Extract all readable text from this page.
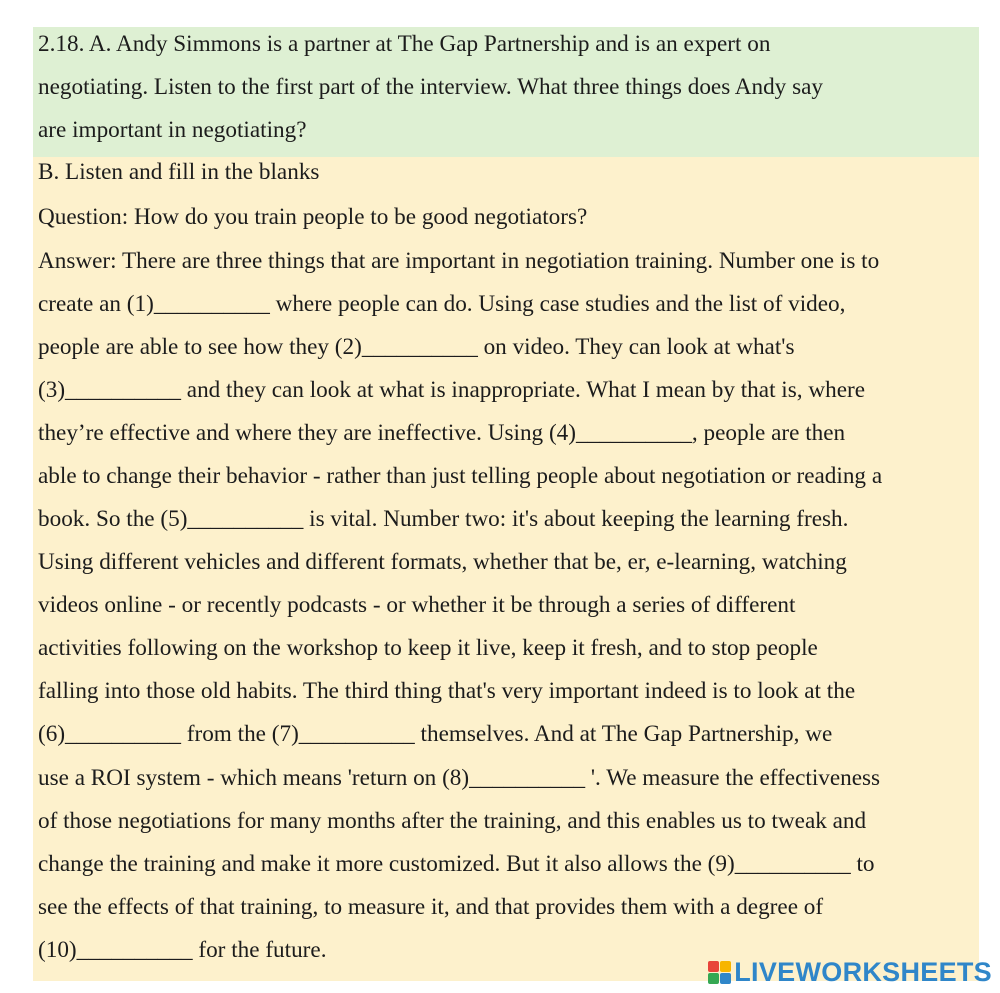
2.18. A. Andy Simmons is a partner at The Gap Partnership and is an expert on
negotiating. Listen to the first part of the interview. What three things does Andy say
are important in negotiating?
B. Listen and fill in the blanks
Question: How do you train people to be good negotiators?
Answer: There are three things that are important in negotiation training. Number one is to
create an (1)__________ where people can do. Using case studies and the list of video,
people are able to see how they (2)__________ on video. They can look at what's
(3)__________ and they can look at what is inappropriate. What I mean by that is, where
they’re effective and where they are ineffective. Using (4)__________, people are then
able to change their behavior - rather than just telling people about negotiation or reading a
book. So the (5)__________ is vital. Number two: it's about keeping the learning fresh.
Using different vehicles and different formats, whether that be, er, e-learning, watching
videos online - or recently podcasts - or whether it be through a series of different
activities following on the workshop to keep it live, keep it fresh, and to stop people
falling into those old habits. The third thing that's very important indeed is to look at the
(6)__________ from the (7)__________ themselves. And at The Gap Partnership, we
use a ROI system - which means 'return on (8)__________ '. We measure the effectiveness
of those negotiations for many months after the training, and this enables us to tweak and
change the training and make it more customized. But it also allows the (9)__________ to
see the effects of that training, to measure it, and that provides them with a degree of
(10)__________ for the future.
LIVEWORKSHEETS
